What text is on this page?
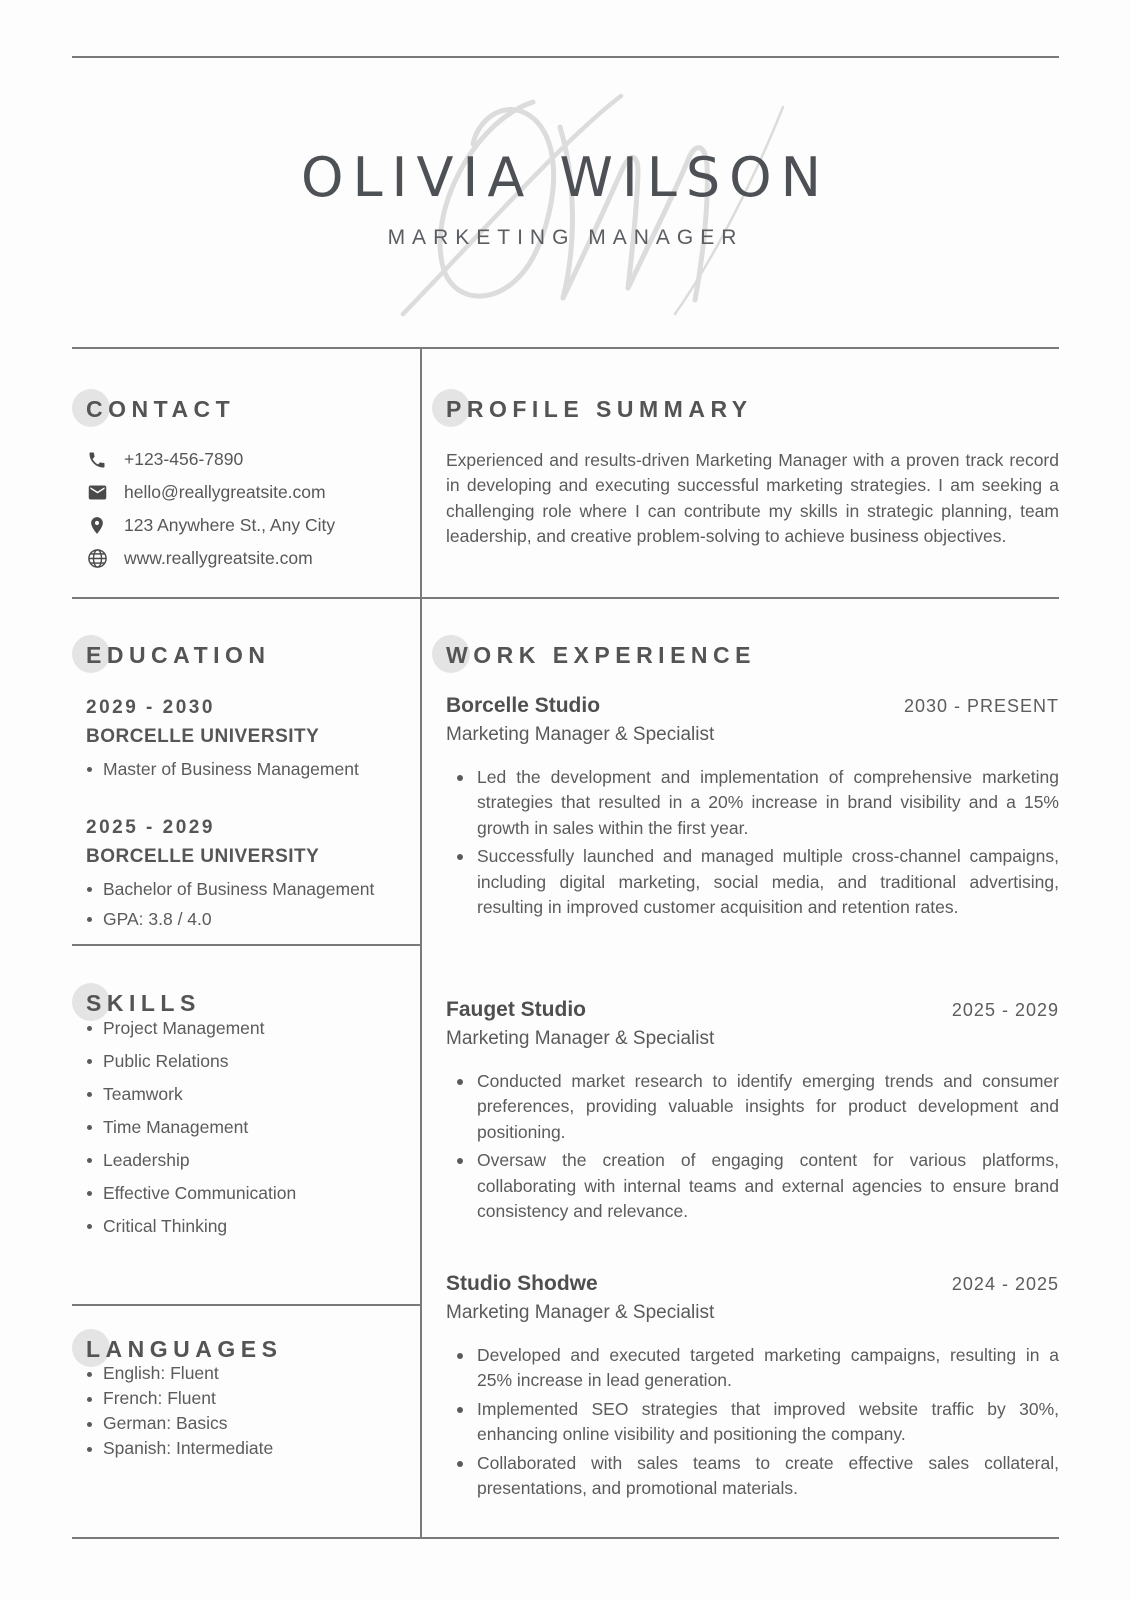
OLIVIA WILSON
MARKETING MANAGER
CONTACT
+123-456-7890
hello@reallygreatsite.com
123 Anywhere St., Any City
www.reallygreatsite.com
PROFILE SUMMARY

Experienced and results-driven Marketing Manager with a proven track record in developing and executing successful marketing strategies. I am seeking a challenging role where I can contribute my skills in strategic planning, team leadership, and creative problem-solving to achieve business objectives.

EDUCATION
2029 - 2030
BORCELLE UNIVERSITY
Master of Business Management
2025 - 2029
BORCELLE UNIVERSITY
Bachelor of Business Management
GPA: 3.8 / 4.0
WORK EXPERIENCE
Borcelle Studio	2030 - PRESENT
Marketing Manager & Specialist
Led the development and implementation of comprehensive marketing strategies that resulted in a 20% increase in brand visibility and a 15% growth in sales within the first year.
Successfully launched and managed multiple cross-channel campaigns, including digital marketing, social media, and traditional advertising, resulting in improved customer acquisition and retention rates.
Fauget Studio	2025 - 2029
Marketing Manager & Specialist
Conducted market research to identify emerging trends and consumer preferences, providing valuable insights for product development and positioning.
Oversaw the creation of engaging content for various platforms, collaborating with internal teams and external agencies to ensure brand consistency and relevance.
Studio Shodwe	2024 - 2025
Marketing Manager & Specialist
Developed and executed targeted marketing campaigns, resulting in a 25% increase in lead generation.
Implemented SEO strategies that improved website traffic by 30%, enhancing online visibility and positioning the company.
Collaborated with sales teams to create effective sales collateral, presentations, and promotional materials.
SKILLS
Project Management
Public Relations
Teamwork
Time Management
Leadership
Effective Communication
Critical Thinking
LANGUAGES
English: Fluent
French: Fluent
German: Basics
Spanish: Intermediate
